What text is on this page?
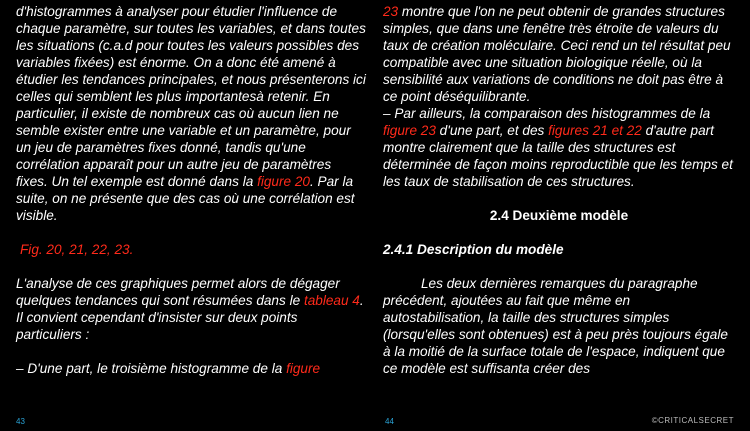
d'histogrammes à analyser pour étudier l'influence de chaque paramètre, sur toutes les variables, et dans toutes les situations (c.a.d pour toutes les valeurs possibles des variables fixées) est énorme. On a donc été amené à étudier les tendances principales, et nous présenterons ici celles qui semblent les plus importantesà retenir. En particulier, il existe de nombreux cas où aucun lien ne semble exister entre une variable et un paramètre, pour un jeu de paramètres fixes donné, tandis qu'une corrélation apparaît pour un autre jeu de paramètres fixes. Un tel exemple est donné dans la figure 20. Par la suite, on ne présente que des cas où une corrélation est visible.

Fig. 20, 21, 22, 23.

L'analyse de ces graphiques permet alors de dégager quelques tendances qui sont résumées dans le tableau 4. Il convient cependant d'insister sur deux points particuliers :

– D'une part, le troisième histogramme de la figure

23 montre que l'on ne peut obtenir de grandes structures simples, que dans une fenêtre très étroite de valeurs du taux de création moléculaire. Ceci rend un tel résultat peu compatible avec une situation biologique réelle, où la sensibilité aux variations de conditions ne doit pas être à ce point déséquilibrante.

– Par ailleurs, la comparaison des histogrammes de la figure 23 d'une part, et des figures 21 et 22 d'autre part montre clairement que la taille des structures est déterminée de façon moins reproductible que les temps et les taux de stabilisation de ces structures.

2.4 Deuxième modèle

2.4.1 Description du modèle

Les deux dernières remarques du paragraphe précédent, ajoutées au fait que même en autostabilisation, la taille des structures simples (lorsqu'elles sont obtenues) est à peu près toujours égale à la moitié de la surface totale de l'espace, indiquent que ce modèle est suffisanta créer des

43	44	©CRITICALSECRET
